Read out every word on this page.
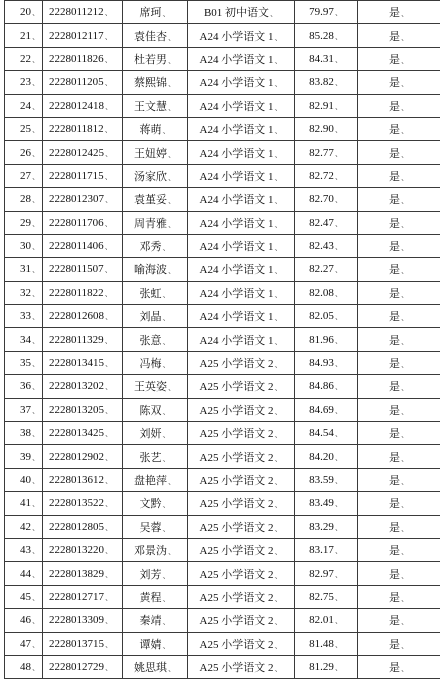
20、	2228011212、	席珂、	B01 初中语文、	79.97、	是、
21、	2228012117、	袁佳杏、	A24 小学语文 1、	85.28、	是、
22、	2228011826、	杜若男、	A24 小学语文 1、	84.31、	是、
23、	2228011205、	蔡熙锦、	A24 小学语文 1、	83.82、	是、
24、	2228012418、	王文慧、	A24 小学语文 1、	82.91、	是、
25、	2228011812、	蒋萌、	A24 小学语文 1、	82.90、	是、
26、	2228012425、	王妞婷、	A24 小学语文 1、	82.77、	是、
27、	2228011715、	汤家欣、	A24 小学语文 1、	82.72、	是、
28、	2228012307、	袁堇妥、	A24 小学语文 1、	82.70、	是、
29、	2228011706、	周青雅、	A24 小学语文 1、	82.47、	是、
30、	2228011406、	邓秀、	A24 小学语文 1、	82.43、	是、
31、	2228011507、	喻海波、	A24 小学语文 1、	82.27、	是、
32、	2228011822、	张虹、	A24 小学语文 1、	82.08、	是、
33、	2228012608、	刘晶、	A24 小学语文 1、	82.05、	是、
34、	2228011329、	张意、	A24 小学语文 1、	81.96、	是、
35、	2228013415、	冯梅、	A25 小学语文 2、	84.93、	是、
36、	2228013202、	王英姿、	A25 小学语文 2、	84.86、	是、
37、	2228013205、	陈双、	A25 小学语文 2、	84.69、	是、
38、	2228013425、	刘妍、	A25 小学语文 2、	84.54、	是、
39、	2228012902、	张艺、	A25 小学语文 2、	84.20、	是、
40、	2228013612、	盘艳萍、	A25 小学语文 2、	83.59、	是、
41、	2228013522、	文黔、	A25 小学语文 2、	83.49、	是、
42、	2228012805、	吴蓉、	A25 小学语文 2、	83.29、	是、
43、	2228013220、	邓景沩、	A25 小学语文 2、	83.17、	是、
44、	2228013829、	刘芳、	A25 小学语文 2、	82.97、	是、
45、	2228012717、	黄程、	A25 小学语文 2、	82.75、	是、
46、	2228013309、	秦靖、	A25 小学语文 2、	82.01、	是、
47、	2228013715、	谭婧、	A25 小学语文 2、	81.48、	是、
48、	2228012729、	姚思琪、	A25 小学语文 2、	81.29、	是、
